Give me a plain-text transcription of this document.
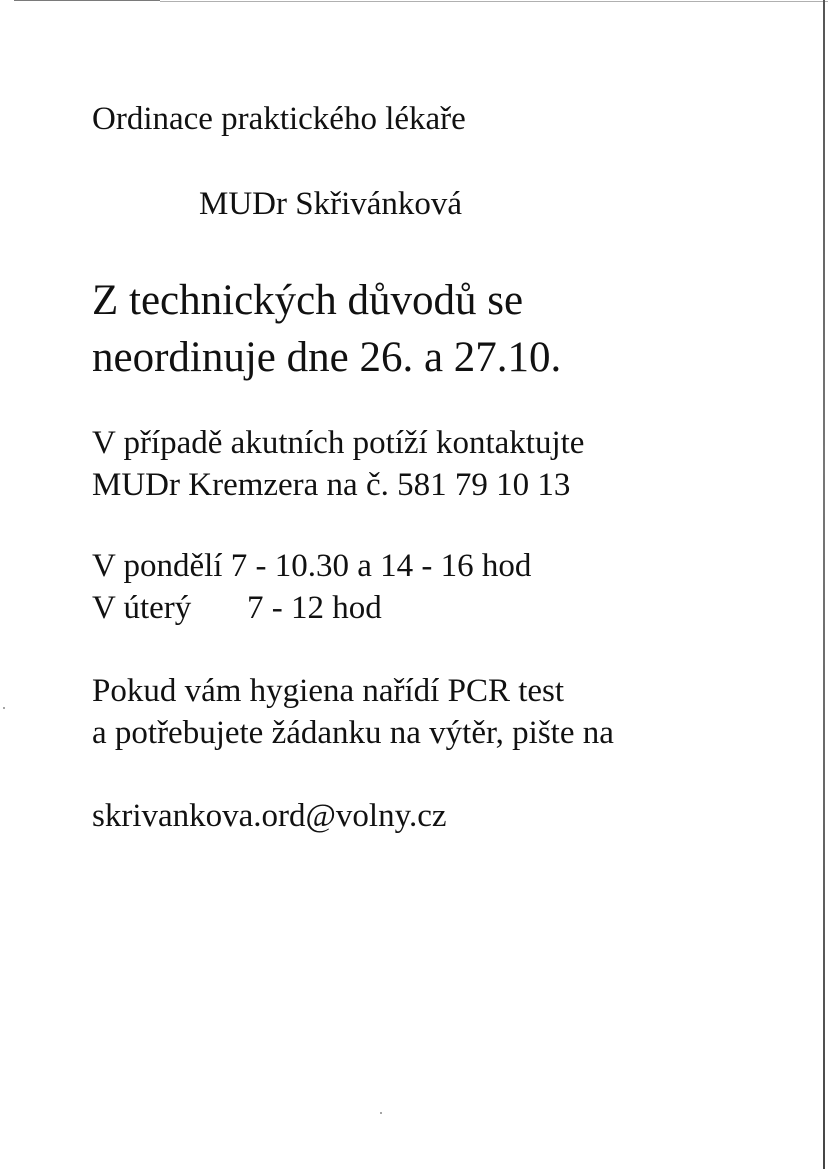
Ordinace praktického lékaře
MUDr Skřivánková
Z technických důvodů se
neordinuje dne 26. a 27.10.
V případě akutních potíží kontaktujte
MUDr Kremzera na č. 581 79 10 13
V pondělí 7 - 10.30 a 14 - 16 hod
V úterý 7 - 12 hod
Pokud vám hygiena nařídí PCR test
a potřebujete žádanku na výtěr, pište na
skrivankova.ord@volny.cz
